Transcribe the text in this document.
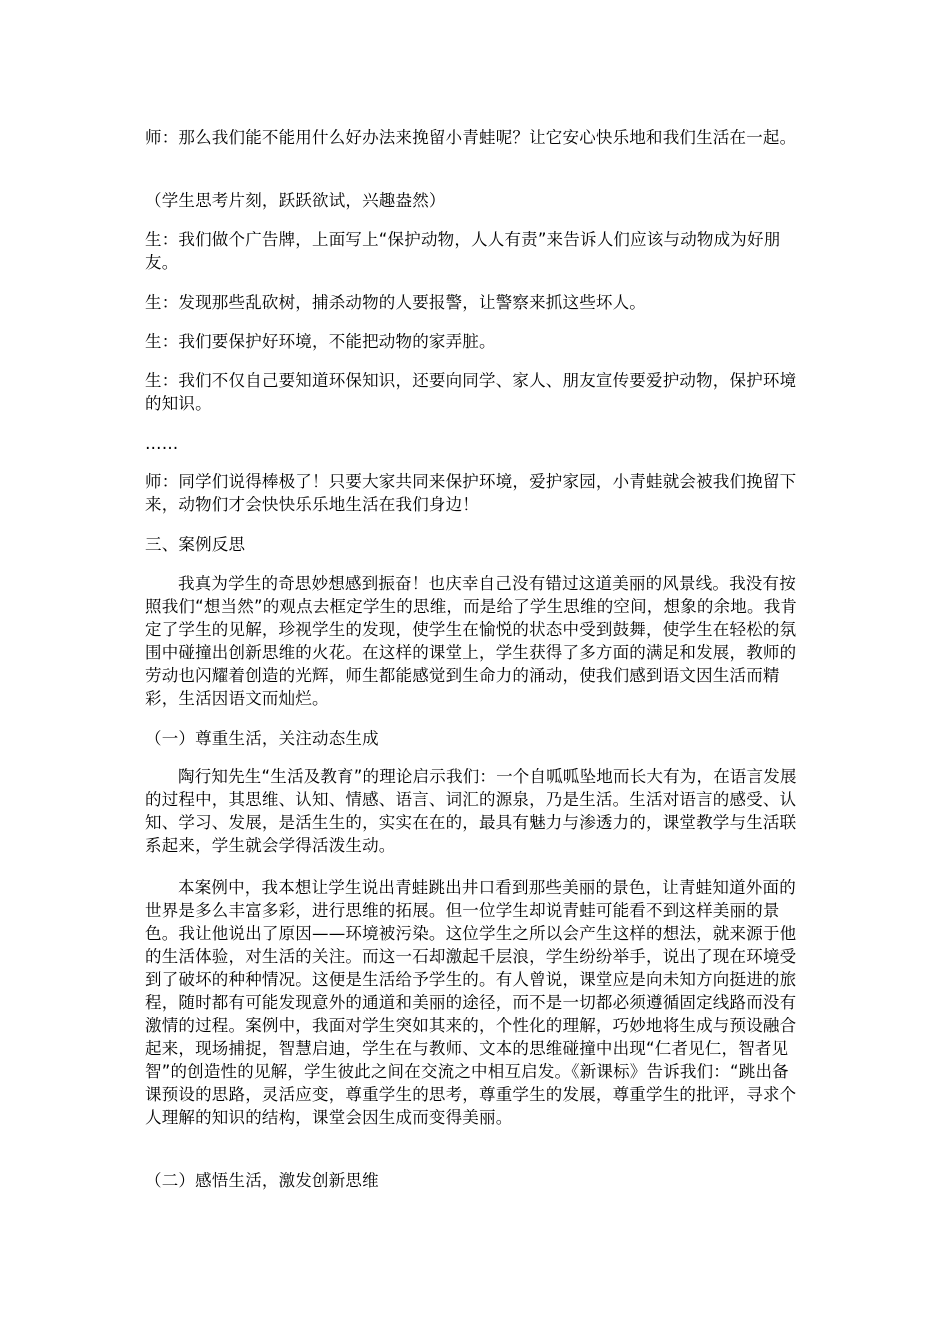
师：那么我们能不能用什么好办法来挽留小青蛙呢？让它安心快乐地和我们生活在一起。

（学生思考片刻，跃跃欲试，兴趣盎然）

生：我们做个广告牌，上面写上“保护动物，人人有责”来告诉人们应该与动物成为好朋友。

生：发现那些乱砍树，捕杀动物的人要报警，让警察来抓这些坏人。

生：我们要保护好环境，不能把动物的家弄脏。

生：我们不仅自己要知道环保知识，还要向同学、家人、朋友宣传要爱护动物，保护环境的知识。

……

师：同学们说得棒极了！只要大家共同来保护环境，爱护家园，小青蛙就会被我们挽留下来，动物们才会快快乐乐地生活在我们身边！

三、案例反思

我真为学生的奇思妙想感到振奋！也庆幸自己没有错过这道美丽的风景线。我没有按照我们“想当然”的观点去框定学生的思维，而是给了学生思维的空间，想象的余地。我肯定了学生的见解，珍视学生的发现，使学生在愉悦的状态中受到鼓舞，使学生在轻松的氛围中碰撞出创新思维的火花。在这样的课堂上，学生获得了多方面的满足和发展，教师的劳动也闪耀着创造的光辉，师生都能感觉到生命力的涌动，使我们感到语文因生活而精彩，生活因语文而灿烂。

（一）尊重生活，关注动态生成

陶行知先生“生活及教育”的理论启示我们：一个自呱呱坠地而长大有为，在语言发展的过程中，其思维、认知、情感、语言、词汇的源泉，乃是生活。生活对语言的感受、认知、学习、发展，是活生生的，实实在在的，最具有魅力与渗透力的，课堂教学与生活联系起来，学生就会学得活泼生动。

本案例中，我本想让学生说出青蛙跳出井口看到那些美丽的景色，让青蛙知道外面的世界是多么丰富多彩，进行思维的拓展。但一位学生却说青蛙可能看不到这样美丽的景色。我让他说出了原因——环境被污染。这位学生之所以会产生这样的想法，就来源于他的生活体验，对生活的关注。而这一石却激起千层浪，学生纷纷举手，说出了现在环境受到了破坏的种种情况。这便是生活给予学生的。有人曾说，课堂应是向未知方向挺进的旅程，随时都有可能发现意外的通道和美丽的途径，而不是一切都必须遵循固定线路而没有激情的过程。案例中，我面对学生突如其来的，个性化的理解，巧妙地将生成与预设融合起来，现场捕捉，智慧启迪，学生在与教师、文本的思维碰撞中出现“仁者见仁，智者见智”的创造性的见解，学生彼此之间在交流之中相互启发。《新课标》告诉我们：“跳出备课预设的思路，灵活应变，尊重学生的思考，尊重学生的发展，尊重学生的批评，寻求个人理解的知识的结构，课堂会因生成而变得美丽。

（二）感悟生活，激发创新思维
